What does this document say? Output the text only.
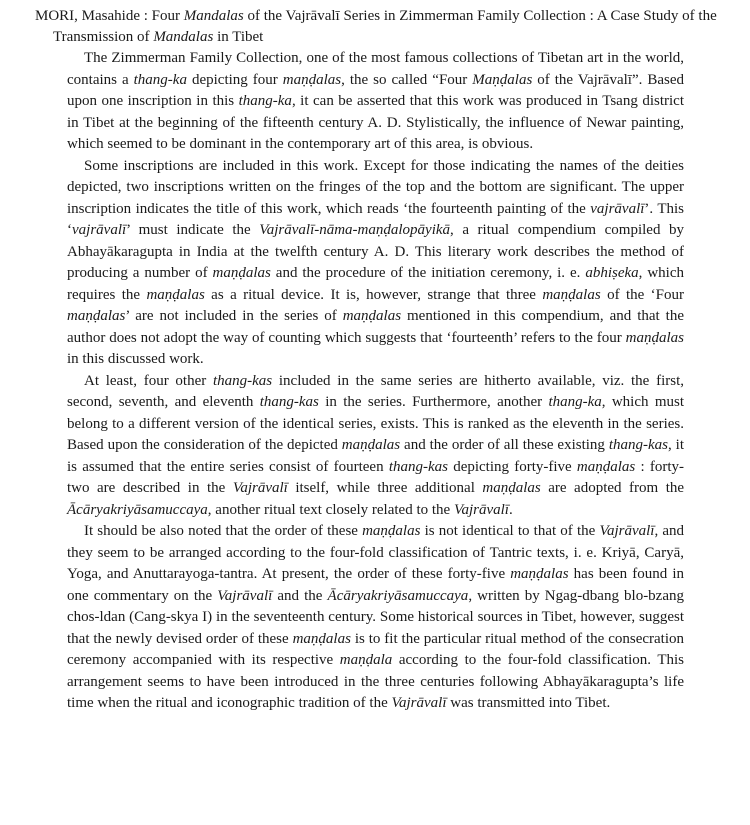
MORI, Masahide : Four Mandalas of the Vajrāvalī Series in Zimmerman Family Collection : A Case Study of the Transmission of Mandalas in Tibet

The Zimmerman Family Collection, one of the most famous collections of Tibetan art in the world, contains a thang-ka depicting four maṇḍalas, the so called “Four Maṇḍalas of the Vajrāvalī”. Based upon one inscription in this thang-ka, it can be asserted that this work was produced in Tsang district in Tibet at the beginning of the fifteenth century A. D. Stylistically, the influence of Newar painting, which seemed to be dominant in the contemporary art of this area, is obvious.

Some inscriptions are included in this work. Except for those indicating the names of the deities depicted, two inscriptions written on the fringes of the top and the bottom are significant. The upper inscription indicates the title of this work, which reads ‘the fourteenth painting of the vajrāvalī’. This ‘vajrāvalī’ must indicate the Vajrāvalī-nāma-maṇḍalopāyikā, a ritual compendium compiled by Abhayākaragupta in India at the twelfth century A. D. This literary work describes the method of producing a number of maṇḍalas and the procedure of the initiation ceremony, i. e. abhiṣeka, which requires the maṇḍalas as a ritual device. It is, however, strange that three maṇḍalas of the ‘Four maṇḍalas’ are not included in the series of maṇḍalas mentioned in this compendium, and that the author does not adopt the way of counting which suggests that ‘fourteenth’ refers to the four maṇḍalas in this discussed work.

At least, four other thang-kas included in the same series are hitherto available, viz. the first, second, seventh, and eleventh thang-kas in the series. Furthermore, another thang-ka, which must belong to a different version of the identical series, exists. This is ranked as the eleventh in the series. Based upon the consideration of the depicted maṇḍalas and the order of all these existing thang-kas, it is assumed that the entire series consist of fourteen thang-kas depicting forty-five maṇḍalas : forty-two are described in the Vajrāvalī itself, while three additional maṇḍalas are adopted from the Ācāryakriyāsamuccaya, another ritual text closely related to the Vajrāvalī.

It should be also noted that the order of these maṇḍalas is not identical to that of the Vajrāvalī, and they seem to be arranged according to the four-fold classification of Tantric texts, i. e. Kriyā, Caryā, Yoga, and Anuttarayoga-tantra. At present, the order of these forty-five maṇḍalas has been found in one commentary on the Vajrāvalī and the Ācāryakriyāsamuccaya, written by Ngag-dbang blo-bzang chos-ldan (Cang-skya I) in the seventeenth century. Some historical sources in Tibet, however, suggest that the newly devised order of these maṇḍalas is to fit the particular ritual method of the consecration ceremony accompanied with its respective maṇḍala according to the four-fold classification. This arrangement seems to have been introduced in the three centuries following Abhayākaragupta’s life time when the ritual and iconographic tradition of the Vajrāvalī was transmitted into Tibet.
